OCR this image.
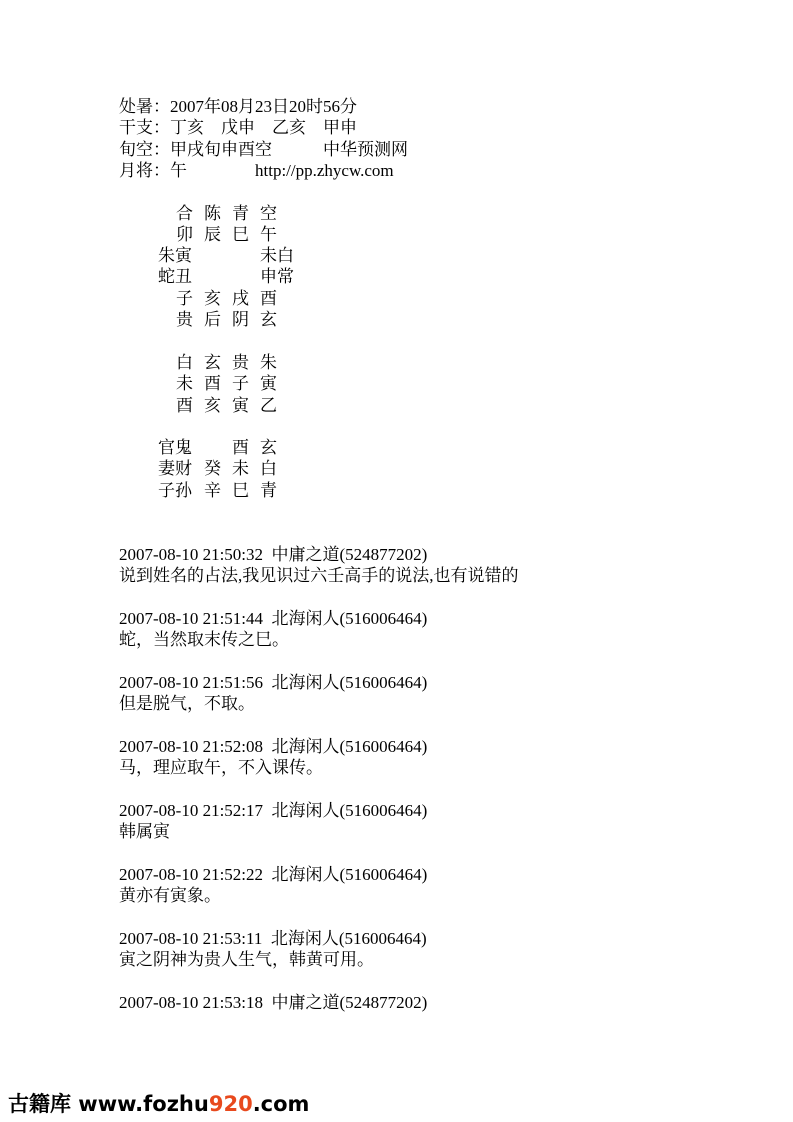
处暑：2007年08月23日20时56分
干支：丁亥　戊申　乙亥　甲申
旬空：甲戌旬申酉空　　　中华预测网
月将：午　　　　http://pp.zhycw.com
合 陈 青 空
卯 辰 巳 午
朱寅	未白
蛇丑	申常
子 亥 戌 酉
贵 后 阴 玄
白 玄 贵 朱
未 酉 子 寅
酉 亥 寅 乙
官鬼 酉 玄
妻财 癸 未 白
子孙 辛 巳 青
2007-08-10 21:50:32  中庸之道(524877202)
说到姓名的占法,我见识过六壬高手的说法,也有说错的
2007-08-10 21:51:44  北海闲人(516006464)
蛇，当然取末传之巳。
2007-08-10 21:51:56  北海闲人(516006464)
但是脱气，不取。
2007-08-10 21:52:08  北海闲人(516006464)
马，理应取午，不入课传。
2007-08-10 21:52:17  北海闲人(516006464)
韩属寅
2007-08-10 21:52:22  北海闲人(516006464)
黄亦有寅象。
2007-08-10 21:53:11  北海闲人(516006464)
寅之阴神为贵人生气，韩黄可用。
2007-08-10 21:53:18  中庸之道(524877202)
古籍库 www.fozhu920.com
